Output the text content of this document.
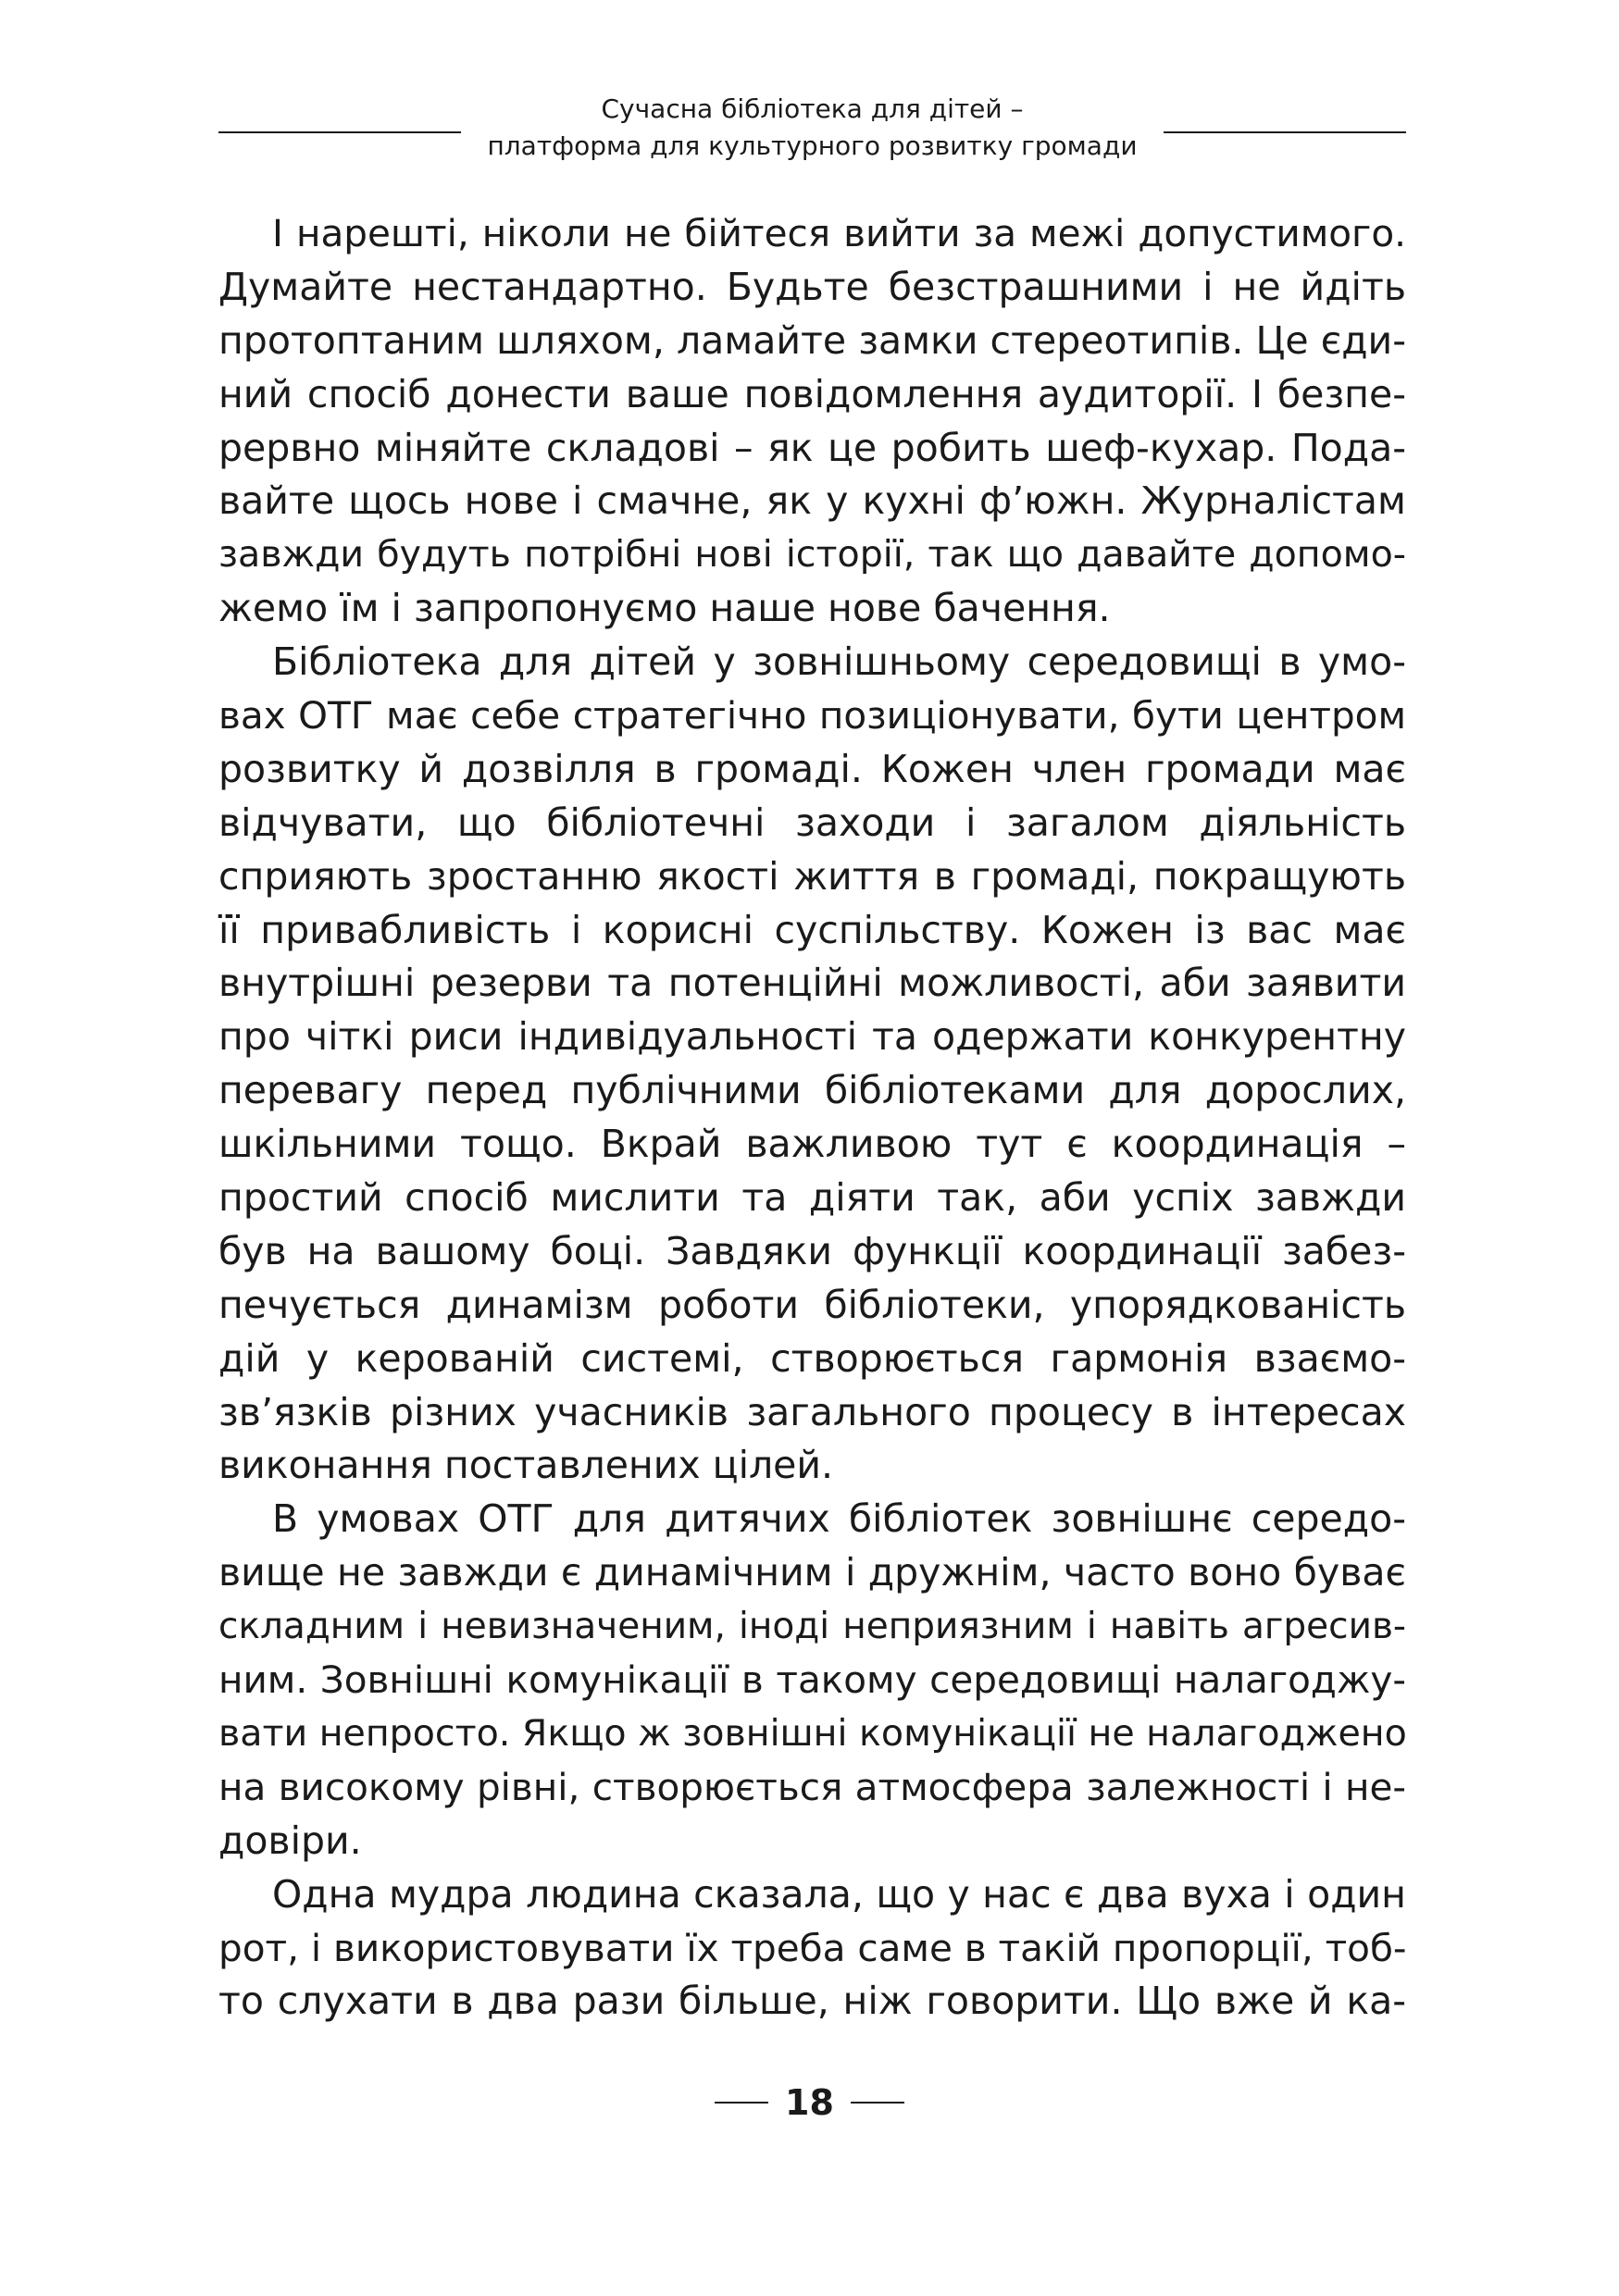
Сучасна бібліотека для дітей –
платформа для культурного розвитку громади
І нарешті, ніколи не бійтеся вийти за межі допустимого.
Думайте нестандартно. Будьте безстрашними і не йдіть
протоптаним шляхом, ламайте замки стереотипів. Це єди-
ний спосіб донести ваше повідомлення аудиторії. І безпе-
рервно міняйте складові – як це робить шеф-кухар. Пода-
вайте щось нове і смачне, як у кухні ф’южн. Журналістам
завжди будуть потрібні нові історії, так що давайте допомо-
жемо їм і запропонуємо наше нове бачення.
Бібліотека для дітей у зовнішньому середовищі в умо-
вах ОТГ має себе стратегічно позиціонувати, бути центром
розвитку й дозвілля в громаді. Кожен член громади має
відчувати, що бібліотечні заходи і загалом діяльність
сприяють зростанню якості життя в громаді, покращують
її привабливість і корисні суспільству. Кожен із вас має
внутрішні резерви та потенційні можливості, аби заявити
про чіткі риси індивідуальності та одержати конкурентну
перевагу перед публічними бібліотеками для дорослих,
шкільними тощо. Вкрай важливою тут є координація –
простий спосіб мислити та діяти так, аби успіх завжди
був на вашому боці. Завдяки функції координації забез-
печується динамізм роботи бібліотеки, упорядкованість
дій у керованій системі, створюється гармонія взаємо-
зв’язків різних учасників загального процесу в інтересах
виконання поставлених цілей.
В умовах ОТГ для дитячих бібліотек зовнішнє середо-
вище не завжди є динамічним і дружнім, часто воно буває
складним і невизначеним, іноді неприязним і навіть агресив-
ним. Зовнішні комунікації в такому середовищі налагоджу-
вати непросто. Якщо ж зовнішні комунікації не налагоджено
на високому рівні, створюється атмосфера залежності і не-
довіри.
Одна мудра людина сказала, що у нас є два вуха і один
рот, і використовувати їх треба саме в такій пропорції, тоб-
то слухати в два рази більше, ніж говорити. Що вже й ка-
18
